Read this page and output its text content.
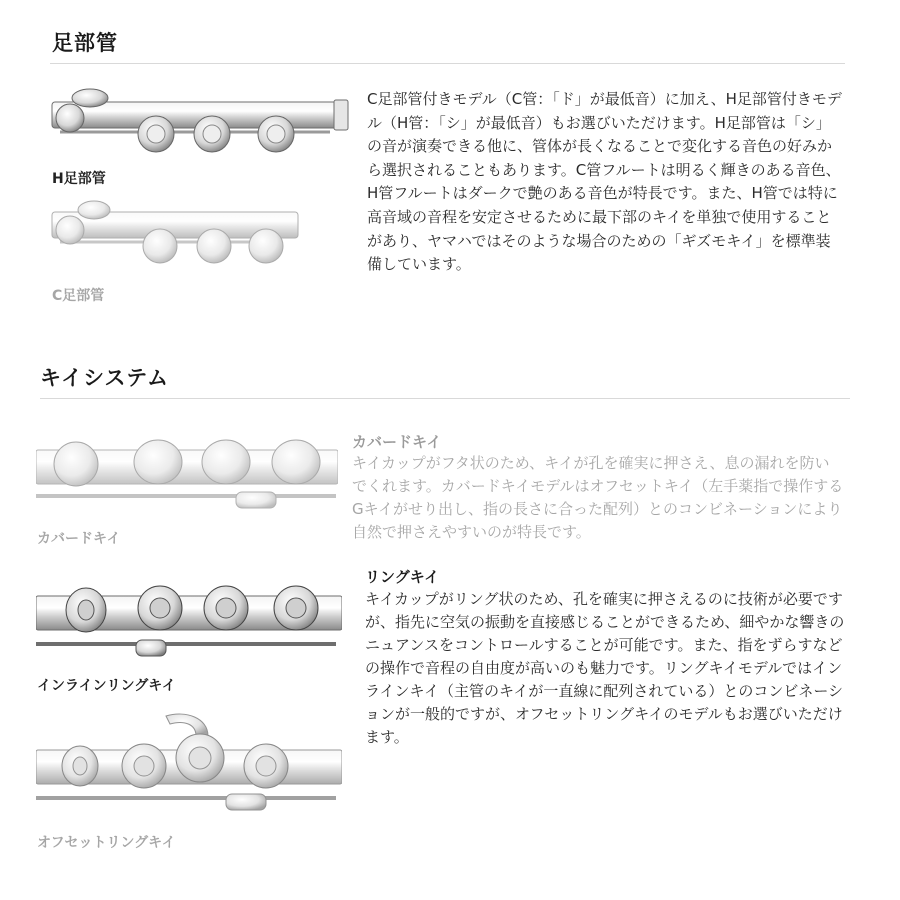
足部管
H足部管
C足部管
C足部管付きモデル（C管：「ド」が最低音）に加え、H足部管付きモデル（H管：「シ」が最低音）もお選びいただけます。H足部管は「シ」の音が演奏できる他に、管体が長くなることで変化する音色の好みから選択されることもあります。C管フルートは明るく輝きのある音色、H管フルートはダークで艶のある音色が特長です。また、H管では特に高音域の音程を安定させるために最下部のキイを単独で使用することがあり、ヤマハではそのような場合のための「ギズモキイ」を標準装備しています。
キイシステム
カバードキイ
カバードキイ
キイカップがフタ状のため、キイが孔を確実に押さえ、息の漏れを防いでくれます。カバードキイモデルはオフセットキイ（左手薬指で操作するGキイがせり出し、指の長さに合った配列）とのコンビネーションにより自然で押さえやすいのが特長です。
インラインリングキイ
オフセットリングキイ
リングキイ
キイカップがリング状のため、孔を確実に押さえるのに技術が必要ですが、指先に空気の振動を直接感じることができるため、細やかな響きのニュアンスをコントロールすることが可能です。また、指をずらすなどの操作で音程の自由度が高いのも魅力です。リングキイモデルではインラインキイ（主管のキイが一直線に配列されている）とのコンビネーションが一般的ですが、オフセットリングキイのモデルもお選びいただけます。
